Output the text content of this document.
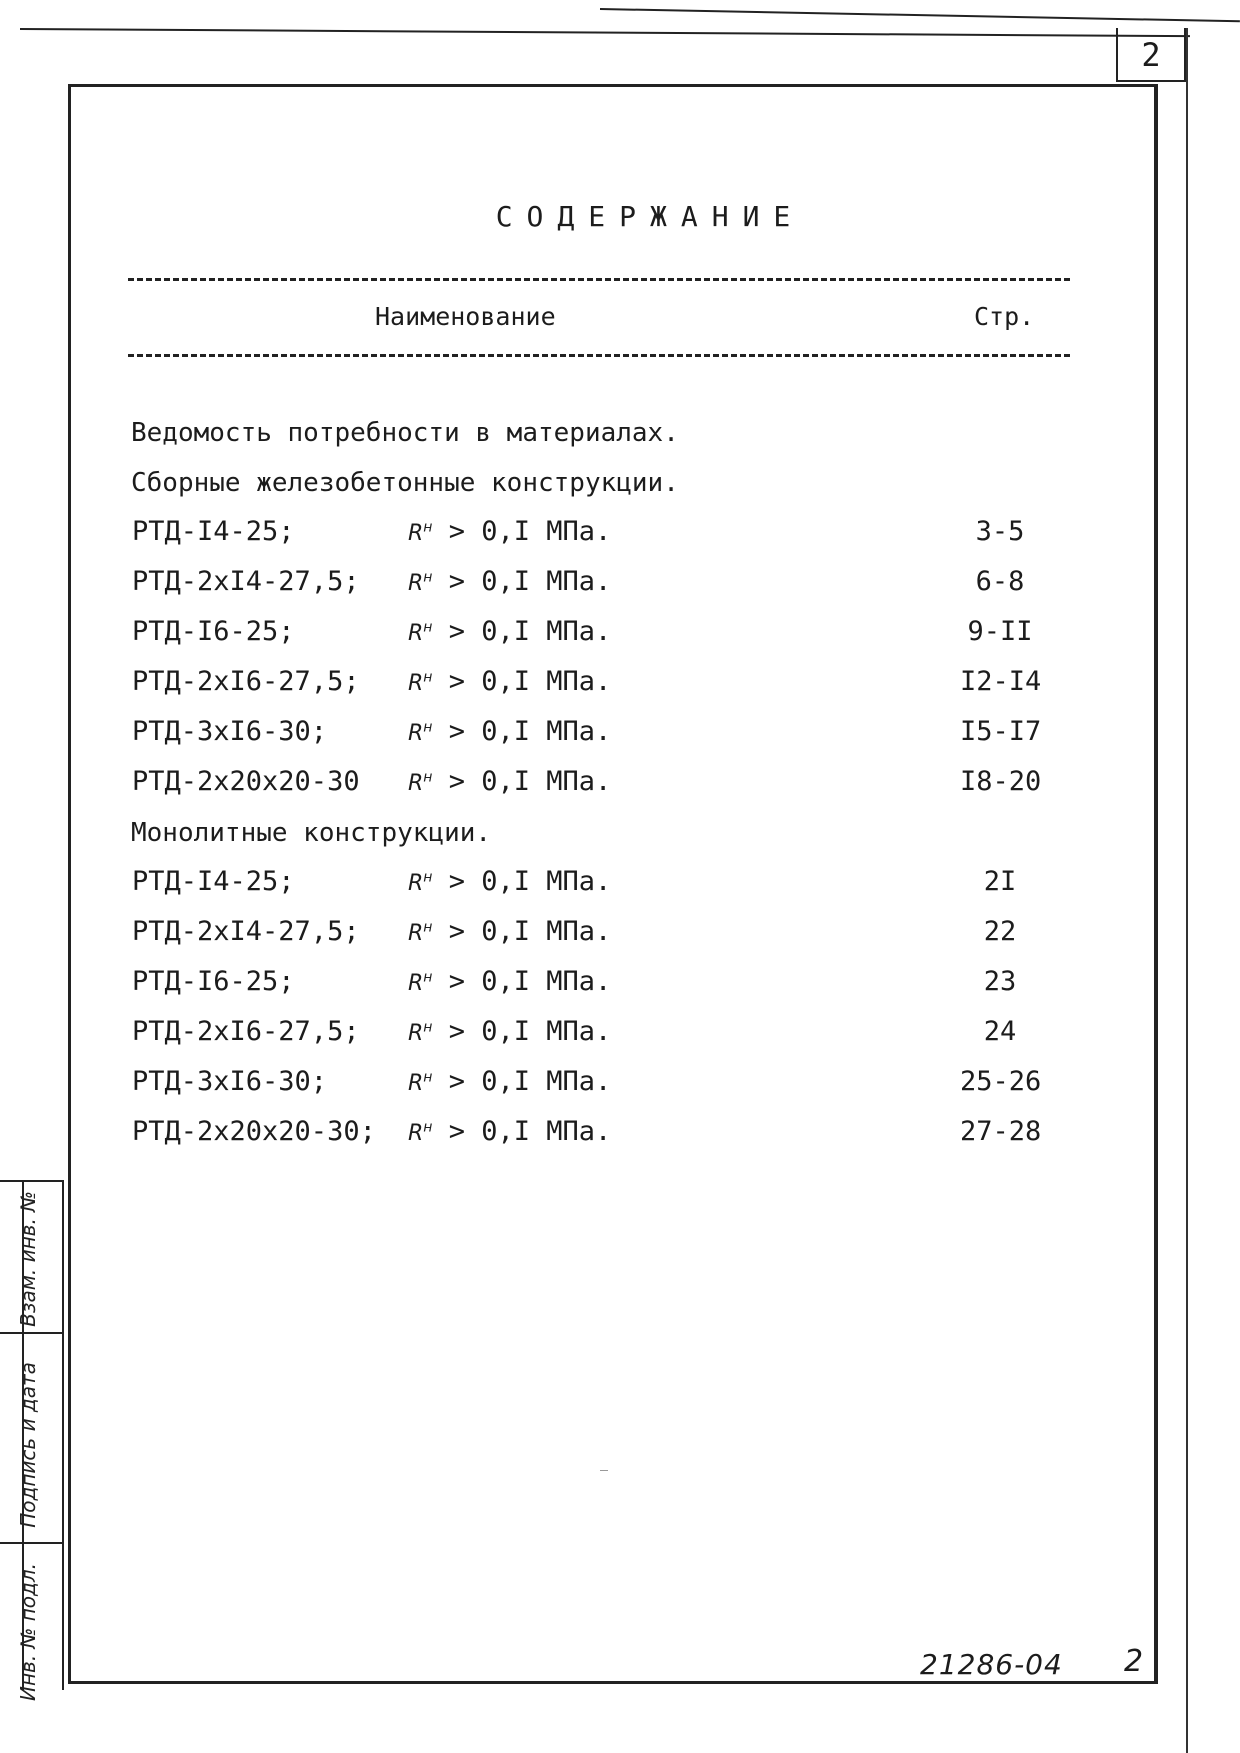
2
Инв. № подл.
Подпись и дата
Взам. инв. №
СОДЕРЖАНИЕ
Наименование	Стр.
Ведомость потребности в материалах.
Сборные железобетонные конструкции.
РТД-I4-25;	$R^н > 0,I$ МПа.	3-5
РТД-2хI4-27,5; $R^н > 0,I$ МПа.	6-8
РТД-I6-25;	$R^н > 0,I$ МПа.	9-II
РТД-2хI6-27,5; $R^н > 0,I$ МПа.	I2-I4
РТД-3хI6-30;	$R^н > 0,I$ МПа.	I5-I7
РТД-2х20х20-30 $R^н > 0,I$ МПа.	I8-20
Монолитные конструкции.
РТД-I4-25;	$R^н > 0,I$ МПа.	2I
РТД-2хI4-27,5; $R^н > 0,I$ МПа.	22
РТД-I6-25;	$R^н > 0,I$ МПа.	23
РТД-2хI6-27,5; $R^н > 0,I$ МПа.	24
РТД-3хI6-30;	$R^н > 0,I$ МПа.	25-26
РТД-2х20х20-30; $R^н > 0,I$ МПа.	27-28
21286-04 2
